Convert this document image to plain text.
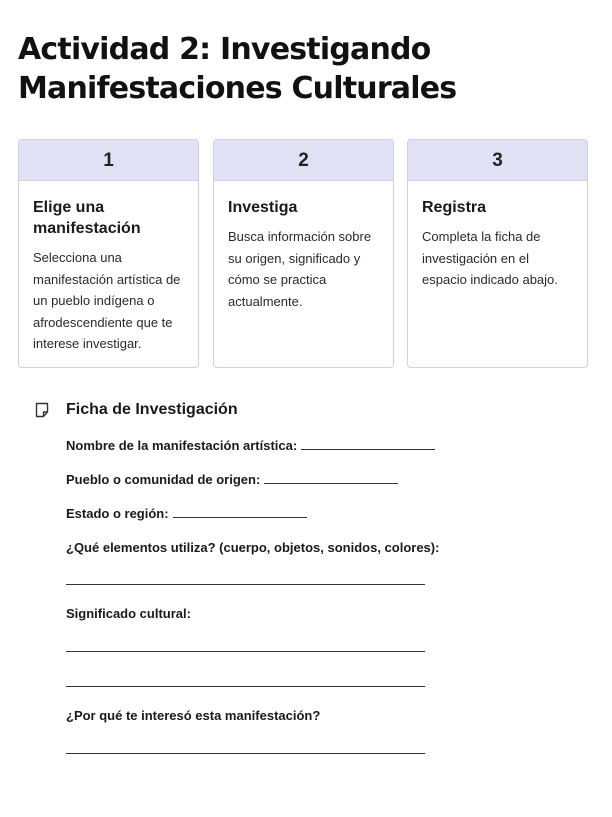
Actividad 2: Investigando Manifestaciones Culturales
1
Elige una manifestación
Selecciona una manifestación artística de un pueblo indígena o afrodescendiente que te interese investigar.
2
Investiga
Busca información sobre su origen, significado y cómo se practica actualmente.
3
Registra
Completa la ficha de investigación en el espacio indicado abajo.
Ficha de Investigación
Nombre de la manifestación artística:
Pueblo o comunidad de origen:
Estado o región:
¿Qué elementos utiliza? (cuerpo, objetos, sonidos, colores):
Significado cultural:
¿Por qué te interesó esta manifestación?
